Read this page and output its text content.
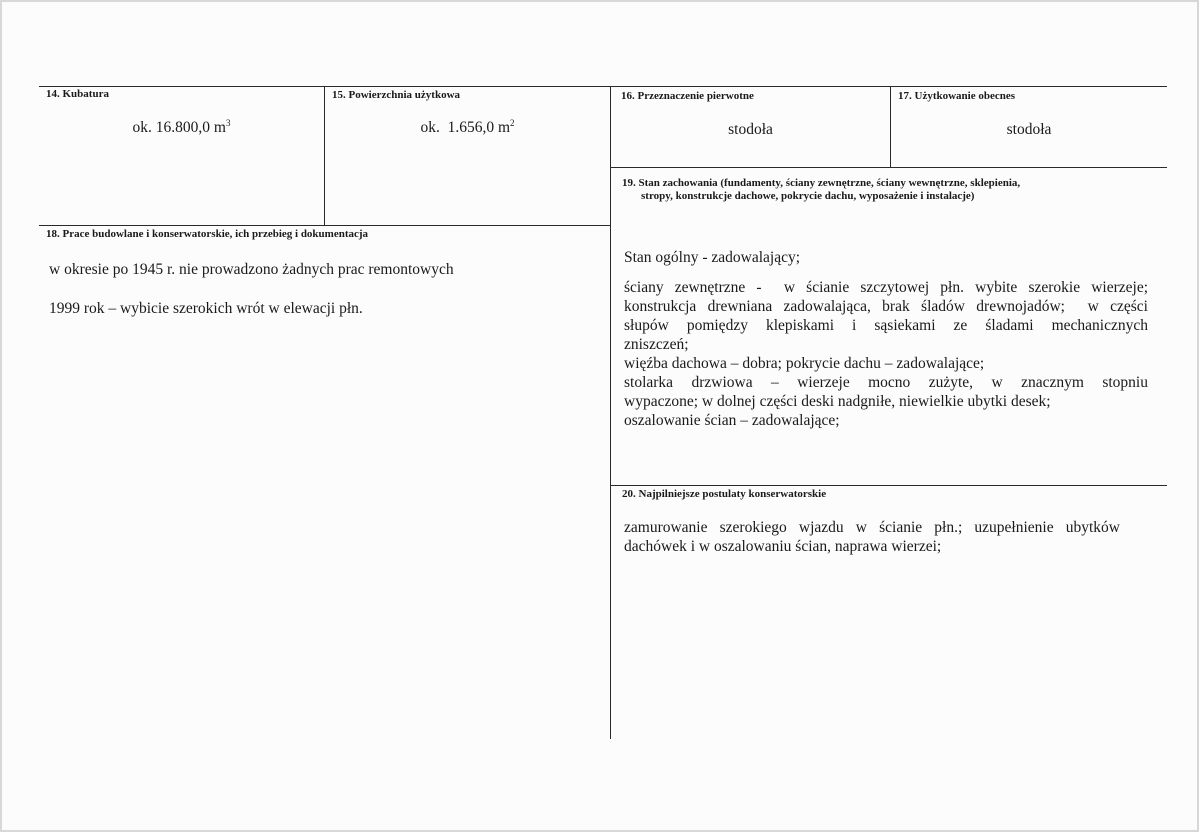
14. Kubatura
ok. 16.800,0 $m^3$
15. Powierzchnia użytkowa
ok.  1.656,0 $m^2$
16. Przeznaczenie pierwotne
stodoła
17. Użytkowanie obecnes
stodoła
18. Prace budowlane i konserwatorskie, ich przebieg i dokumentacja

w okresie po 1945 r. nie prowadzono żadnych prac remontowych

1999 rok – wybicie szerokich wrót w elewacji płn.

19. Stan zachowania (fundamenty, ściany zewnętrzne, ściany wewnętrzne, sklepienia,
stropy, konstrukcje dachowe, pokrycie dachu, wyposażenie i instalacje)

Stan ogólny - zadowalający;

ściany zewnętrzne -  w ścianie szczytowej płn. wybite szerokie wierzeje;

konstrukcja drewniana zadowalająca, brak śladów drewnojadów;  w części

słupów pomiędzy klepiskami i sąsiekami ze śladami mechanicznych

zniszczeń;

więźba dachowa – dobra; pokrycie dachu – zadowalające;

stolarka drzwiowa – wierzeje mocno zużyte, w znacznym stopniu

wypaczone; w dolnej części deski nadgniłe, niewielkie ubytki desek;

oszalowanie ścian – zadowalające;

20. Najpilniejsze postulaty konserwatorskie

zamurowanie szerokiego wjazdu w ścianie płn.; uzupełnienie ubytków

dachówek i w oszalowaniu ścian, naprawa wierzei;
